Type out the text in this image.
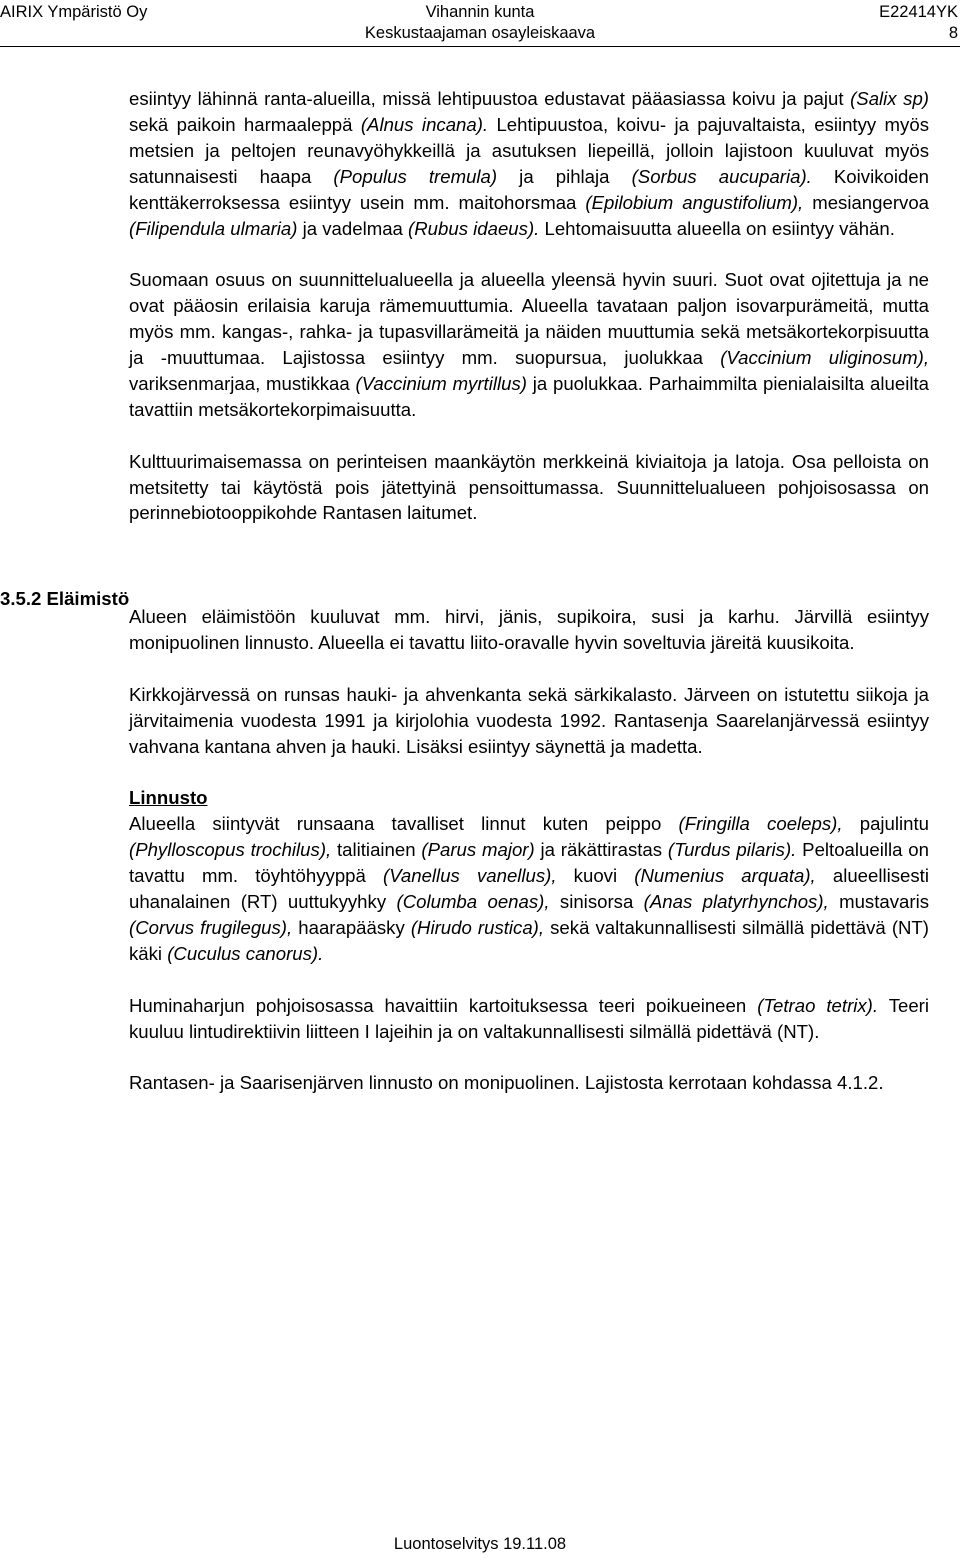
AIRIX Ympäristö Oy	Vihannin kunta
Keskustaajaman osayleiskaava
E22414YK
8
3.5.2 Eläimistö

esiintyy lähinnä ranta-alueilla, missä lehtipuustoa edustavat pääasiassa koivu ja pajut (Salix sp) sekä paikoin harmaaleppä (Alnus incana). Lehtipuustoa, koivu- ja pajuvaltaista, esiintyy myös metsien ja peltojen reunavyöhykkeillä ja asutuksen liepeillä, jolloin lajistoon kuuluvat myös satunnaisesti haapa (Populus tremula) ja pihlaja (Sorbus aucuparia). Koivikoiden kenttäkerroksessa esiintyy usein mm. maitohorsmaa (Epilobium angustifolium), mesiangervoa (Filipendula ulmaria) ja vadelmaa (Rubus idaeus). Lehtomaisuutta alueella on esiintyy vähän.

Suomaan osuus on suunnittelualueella ja alueella yleensä hyvin suuri. Suot ovat ojitettuja ja ne ovat pääosin erilaisia karuja rämemuuttumia. Alueella tavataan paljon isovarpurämeitä, mutta myös mm. kangas-, rahka- ja tupasvillarämeitä ja näiden muuttumia sekä metsäkortekorpisuutta ja -muuttumaa. Lajistossa esiintyy mm. suopursua, juolukkaa (Vaccinium uliginosum), variksenmarjaa, mustikkaa (Vaccinium myrtillus) ja puolukkaa. Parhaimmilta pienialaisilta alueilta tavattiin metsäkortekorpimaisuutta.

Kulttuurimaisemassa on perinteisen maankäytön merkkeinä kiviaitoja ja latoja. Osa pelloista on metsitetty tai käytöstä pois jätettyinä pensoittumassa. Suunnittelualueen pohjoisosassa on perinnebiotooppikohde Rantasen laitumet.

Alueen eläimistöön kuuluvat mm. hirvi, jänis, supikoira, susi ja karhu. Järvillä esiintyy monipuolinen linnusto. Alueella ei tavattu liito-oravalle hyvin soveltuvia järeitä kuusikoita.

Kirkkojärvessä on runsas hauki- ja ahvenkanta sekä särkikalasto. Järveen on istutettu siikoja ja järvitaimenia vuodesta 1991 ja kirjolohia vuodesta 1992. Rantasenja Saarelanjärvessä esiintyy vahvana kantana ahven ja hauki. Lisäksi esiintyy säynettä ja madetta.

Linnusto

Alueella siintyvät runsaana tavalliset linnut kuten peippo (Fringilla coeleps), pajulintu (Phylloscopus trochilus), talitiainen (Parus major) ja räkättirastas (Turdus pilaris). Peltoalueilla on tavattu mm. töyhtöhyyppä (Vanellus vanellus), kuovi (Numenius arquata), alueellisesti uhanalainen (RT) uuttukyyhky (Columba oenas), sinisorsa (Anas platyrhynchos), mustavaris (Corvus frugilegus), haarapääsky (Hirudo rustica), sekä valtakunnallisesti silmällä pidettävä (NT) käki (Cuculus canorus).

Huminaharjun pohjoisosassa havaittiin kartoituksessa teeri poikueineen (Tetrao tetrix). Teeri kuuluu lintudirektiivin liitteen I lajeihin ja on valtakunnallisesti silmällä pidettävä (NT).

Rantasen- ja Saarisenjärven linnusto on monipuolinen. Lajistosta kerrotaan kohdassa 4.1.2.

Luontoselvitys 19.11.08
